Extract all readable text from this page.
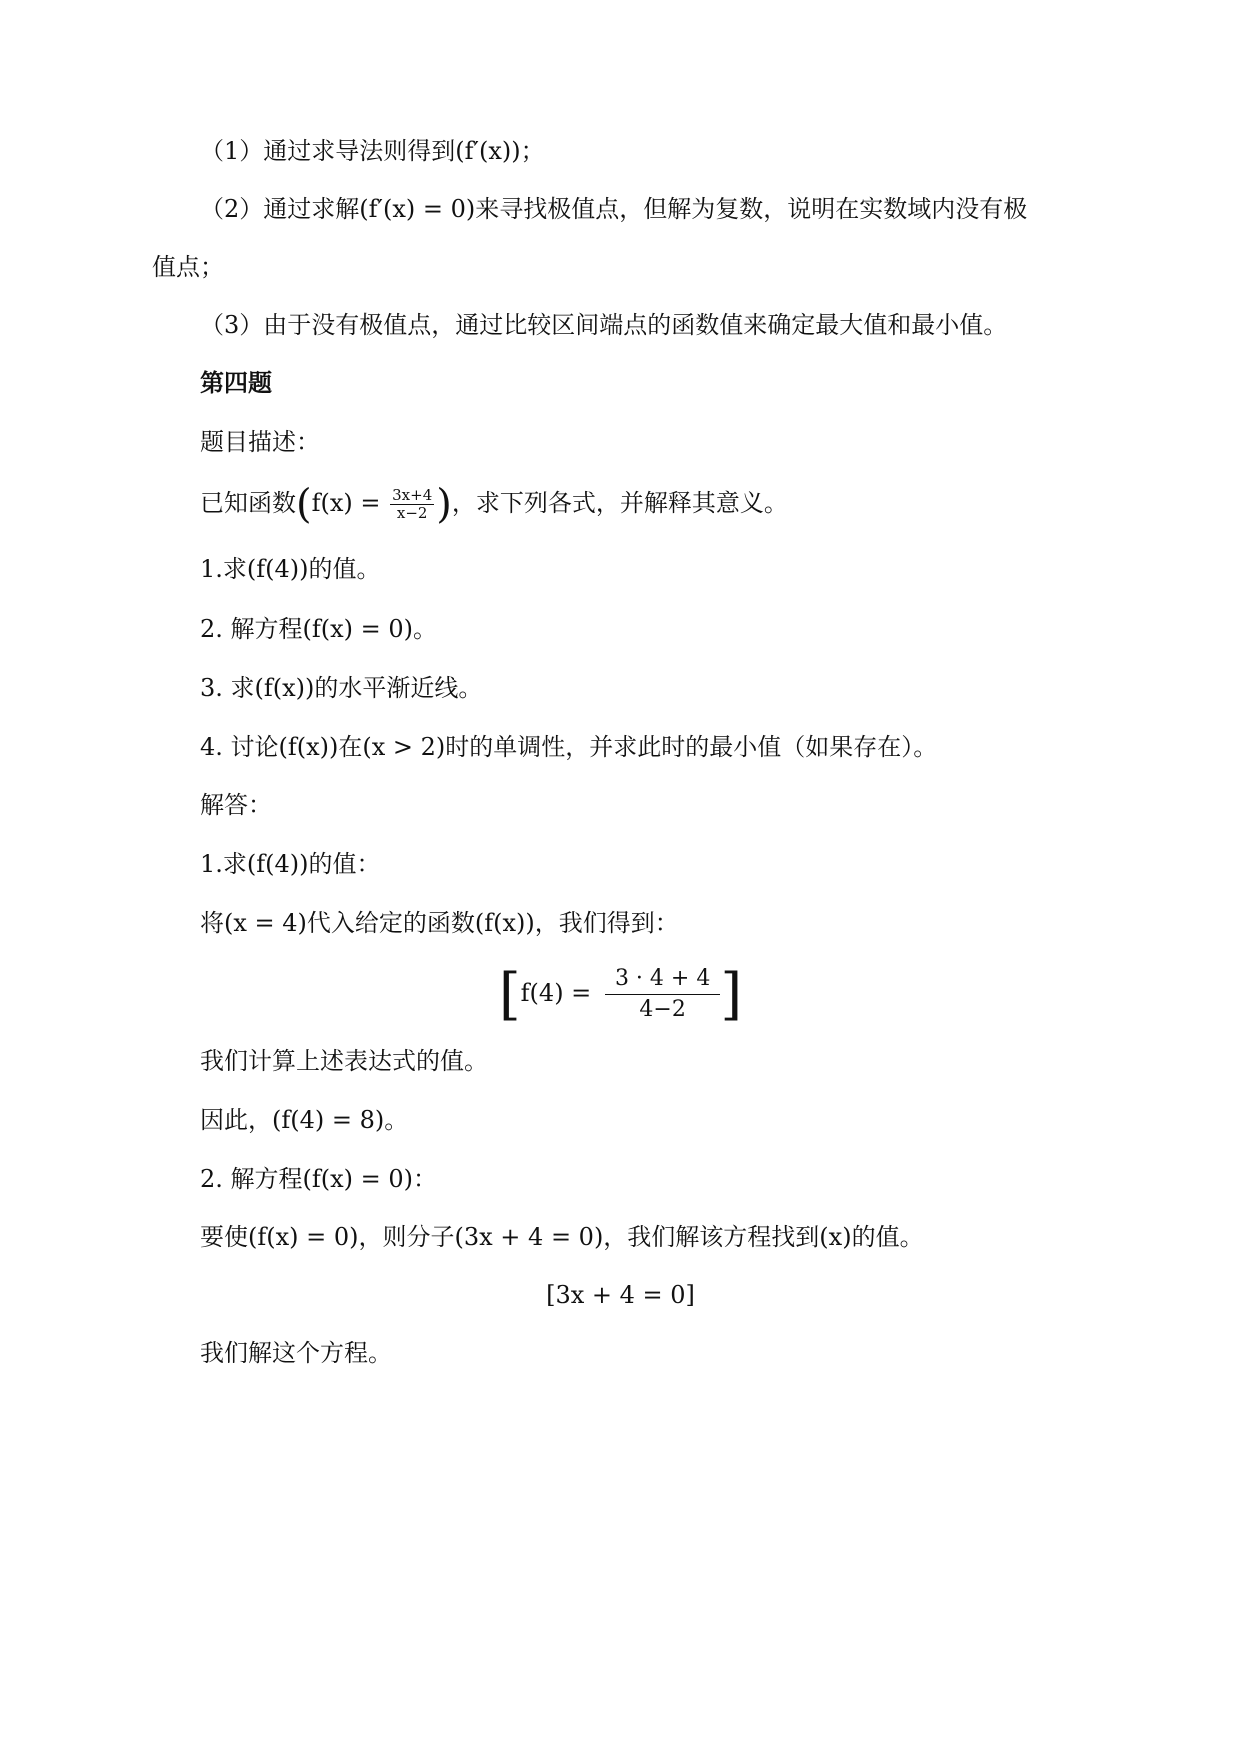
（1）通过求导法则得到(f′(x))；
（2）通过求解(f′(x) = 0)来寻找极值点，但解为复数，说明在实数域内没有极
值点；
（3）由于没有极值点，通过比较区间端点的函数值来确定最大值和最小值。
第四题
题目描述：
已知函数($f(x) = \frac{3x+4}{x-2}$ )，求下列各式，并解释其意义。
1.求(f(4))的值。
2. 解方程(f(x) = 0)。
3. 求(f(x))的水平渐近线。
4. 讨论(f(x))在(x > 2)时的单调性，并求此时的最小值（如果存在）。
解答：
1.求(f(4))的值：
将(x = 4)代入给定的函数(f(x))，我们得到：
[$f(4) = \frac{3 \cdot 4 + 4}{4-2}$ ]
我们计算上述表达式的值。
因此，(f(4) = 8)。
2. 解方程(f(x) = 0)：
要使(f(x) = 0)，则分子(3x + 4 = 0)，我们解该方程找到(x)的值。
[3x + 4 = 0]
我们解这个方程。
